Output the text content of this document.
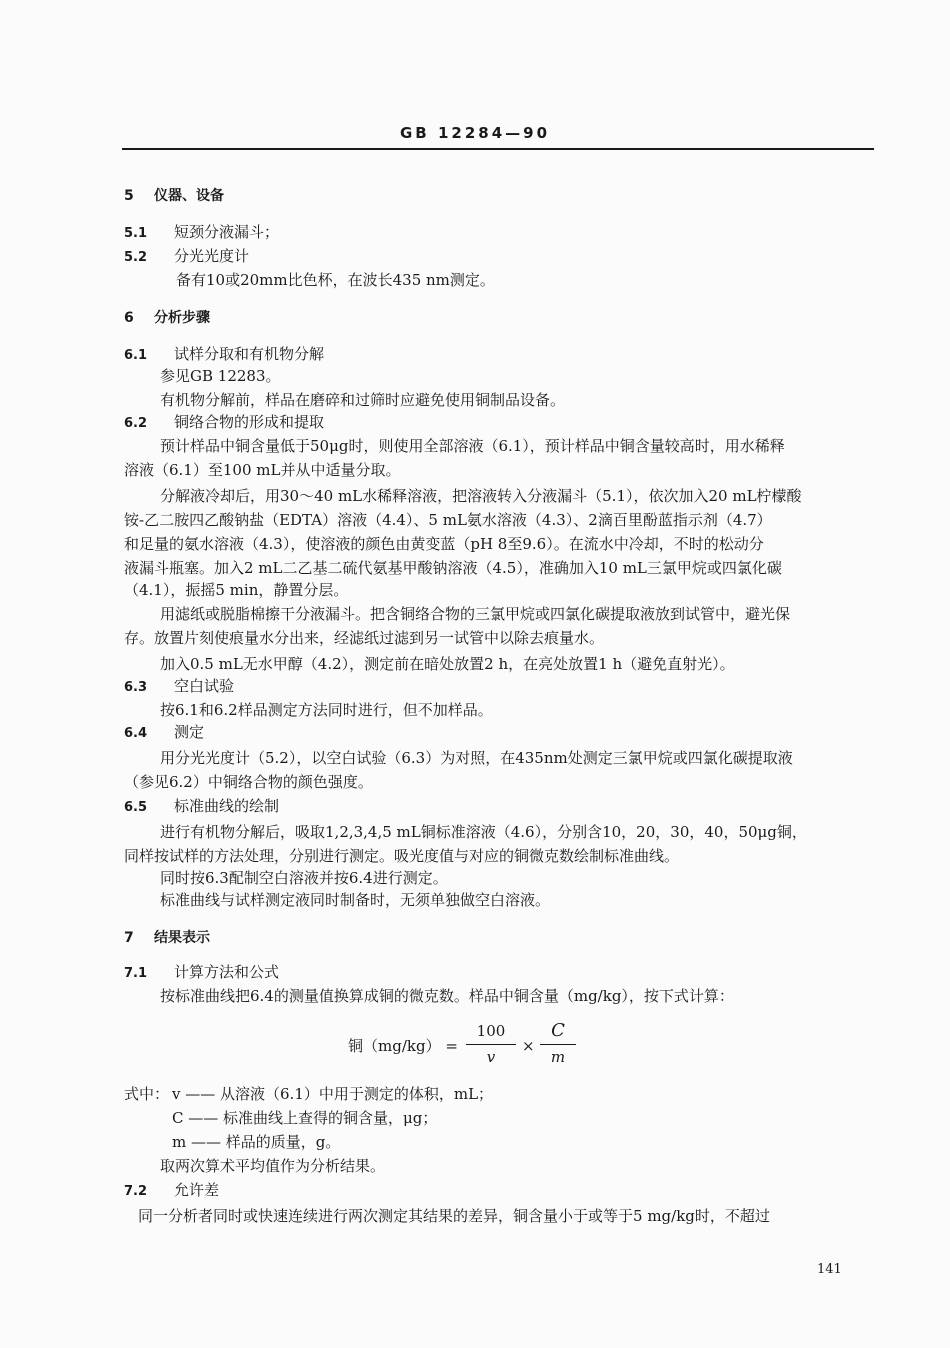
GB 12284—90
5 仪器、设备
5.1 短颈分液漏斗；
5.2 分光光度计
备有10或20mm比色杯，在波长435 nm测定。
6 分析步骤
6.1 试样分取和有机物分解
参见GB 12283。
有机物分解前，样品在磨碎和过筛时应避免使用铜制品设备。
6.2 铜络合物的形成和提取
预计样品中铜含量低于50μg时，则使用全部溶液（6.1），预计样品中铜含量较高时，用水稀释
溶液（6.1）至100 mL并从中适量分取。
分解液冷却后，用30～40 mL水稀释溶液，把溶液转入分液漏斗（5.1），依次加入20 mL柠檬酸
铵-乙二胺四乙酸钠盐（EDTA）溶液（4.4）、5 mL氨水溶液（4.3）、2滴百里酚蓝指示剂（4.7）
和足量的氨水溶液（4.3），使溶液的颜色由黄变蓝（pH 8至9.6）。在流水中冷却，不时的松动分
液漏斗瓶塞。加入2 mL二乙基二硫代氨基甲酸钠溶液（4.5），准确加入10 mL三氯甲烷或四氯化碳
（4.1），振摇5 min，静置分层。
用滤纸或脱脂棉擦干分液漏斗。把含铜络合物的三氯甲烷或四氯化碳提取液放到试管中，避光保
存。放置片刻使痕量水分出来，经滤纸过滤到另一试管中以除去痕量水。
加入0.5 mL无水甲醇（4.2），测定前在暗处放置2 h，在亮处放置1 h（避免直射光）。
6.3 空白试验
按6.1和6.2样品测定方法同时进行，但不加样品。
6.4 测定
用分光光度计（5.2），以空白试验（6.3）为对照，在435nm处测定三氯甲烷或四氯化碳提取液
（参见6.2）中铜络合物的颜色强度。
6.5 标准曲线的绘制
进行有机物分解后，吸取1,2,3,4,5 mL铜标准溶液（4.6），分别含10，20，30，40，50μg铜，
同样按试样的方法处理，分别进行测定。吸光度值与对应的铜微克数绘制标准曲线。
同时按6.3配制空白溶液并按6.4进行测定。
标准曲线与试样测定液同时制备时，无须单独做空白溶液。
7 结果表示
7.1 计算方法和公式
按标准曲线把6.4的测量值换算成铜的微克数。样品中铜含量（mg/kg），按下式计算：
铜（mg/kg） =
100
v
×
C
m
式中： v —— 从溶液（6.1）中用于测定的体积，mL；
C —— 标准曲线上查得的铜含量，μg；
m —— 样品的质量，g。
取两次算术平均值作为分析结果。
7.2 允许差
同一分析者同时或快速连续进行两次测定其结果的差异，铜含量小于或等于5 mg/kg时，不超过
141
